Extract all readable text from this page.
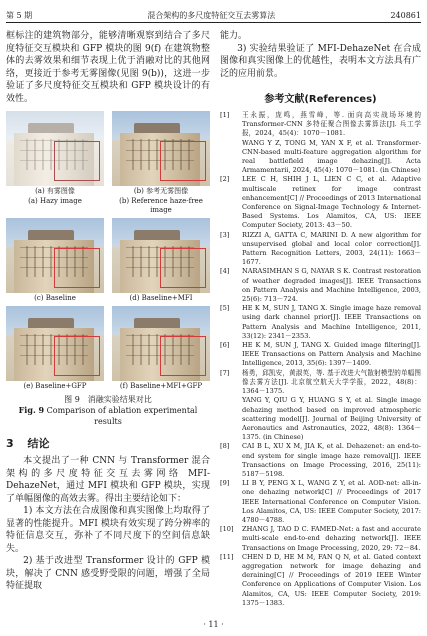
第 5 期	混合架构的多尺度特征交互去雾算法	240861

框标注的建筑物部分，能够清晰观察到结合了多尺度特征交互模块和 GFP 模块的图 9(f) 在建筑物整体的去雾效果和细节表现上优于消融对比的其他网络，更接近于参考无雾图像(见图 9(b))，这进一步验证了多尺度特征交互模块和 GFP 模块设计的有效性。

(a) 有雾图像
(a) Hazy image
(b) 参考无雾图像
(b) Reference haze-free image
(c) Baseline	(d) Baseline+MFI
(e) Baseline+GFP	(f) Baseline+MFI+GFP
图 9　消融实验结果对比
Fig. 9 Comparison of ablation experimental results
3 结论

本文提出了一种 CNN 与 Transformer 混合架构的多尺度特征交互去雾网络 MFI-DehazeNet，通过 MFI 模块和 GFP 模块，实现了单幅图像的高效去雾。得出主要结论如下：

1) 本文方法在合成图像和真实图像上均取得了显著的性能提升。MFI 模块有效实现了跨分辨率的特征信息交互，弥补了不同尺度下的空间信息缺失。

2) 基于改进型 Transformer 设计的 GFP 模块，解决了 CNN 感受野受限的问题，增强了全局特征提取

能力。

3) 实验结果验证了 MFI-DehazeNet 在合成图像和真实图像上的优越性，表明本文方法具有广泛的应用前景。

参考文献(References)
[1]	王永振，庞鸣，燕雪峰，等. 面向高实战场环境的 Transformer-CNN 多特征聚合图像去雾算法[J]. 兵工学报，2024，45(4)：1070－1081.
WANG Y Z, TONG M, YAN X F, et al. Transformer-CNN-based multi-feature aggregation algorithm for real battlefield image dehazing[J]. Acta Armamentarii, 2024, 45(4): 1070－1081. (in Chinese)
[2]	LEE C H, SHIH J L, LIEN C C, et al. Adaptive multiscale retinex for image contrast enhancement[C] // Proceedings of 2013 International Conference on Signal-Image Technology & Internet-Based Systems. Los Alamitos, CA, US: IEEE Computer Society, 2013: 43－50.
[3]	RIZZI A, GATTA C, MARINI D. A new algorithm for unsupervised global and local color correction[J]. Pattern Recognition Letters, 2003, 24(11): 1663－1677.
[4]	NARASIMHAN S G, NAYAR S K. Contrast restoration of weather degraded images[J]. IEEE Transactions on Pattern Analysis and Machine Intelligence, 2003, 25(6): 713－724.
[5]	HE K M, SUN J, TANG X. Single image haze removal using dark channel prior[J]. IEEE Transactions on Pattern Analysis and Machine Intelligence, 2011, 33(12): 2341－2353.
[6]	HE K M, SUN J, TANG X. Guided image filtering[J]. IEEE Transactions on Pattern Analysis and Machine Intelligence, 2013, 35(6): 1397－1409.
[7]	杨勇，邱凯安，黄淑英，等. 基于改进大气散射模型的单幅图像去雾方法[J]. 北京航空航天大学学报，2022，48(8)：1364－1375.
YANG Y, QIU G Y, HUANG S Y, et al. Single image dehazing method based on improved atmospheric scattering model[J]. Journal of Beijing University of Aeronautics and Astronautics, 2022, 48(8): 1364－1375. (in Chinese)
[8]	CAI B L, XU X M, JIA K, et al. Dehazenet: an end-to-end system for single image haze removal[J]. IEEE Transactions on Image Processing, 2016, 25(11): 5187－5198.
[9]	LI B Y, PENG X L, WANG Z Y, et al. AOD-net: all-in-one dehazing network[C] // Proceedings of 2017 IEEE International Conference on Computer Vision. Los Alamitos, CA, US: IEEE Computer Society, 2017: 4780－4788.
[10]	ZHANG J, TAO D C. FAMED-Net: a fast and accurate multi-scale end-to-end dehazing network[J]. IEEE Transactions on Image Processing, 2020, 29: 72－84.
[11]	CHEN D D, HE M M, FAN Q N, et al. Gated context aggregation network for image dehazing and deraining[C] // Proceedings of 2019 IEEE Winter Conference on Applications of Computer Vision. Los Alamitos, CA, US: IEEE Computer Society, 2019: 1375－1383.
· 11 ·
